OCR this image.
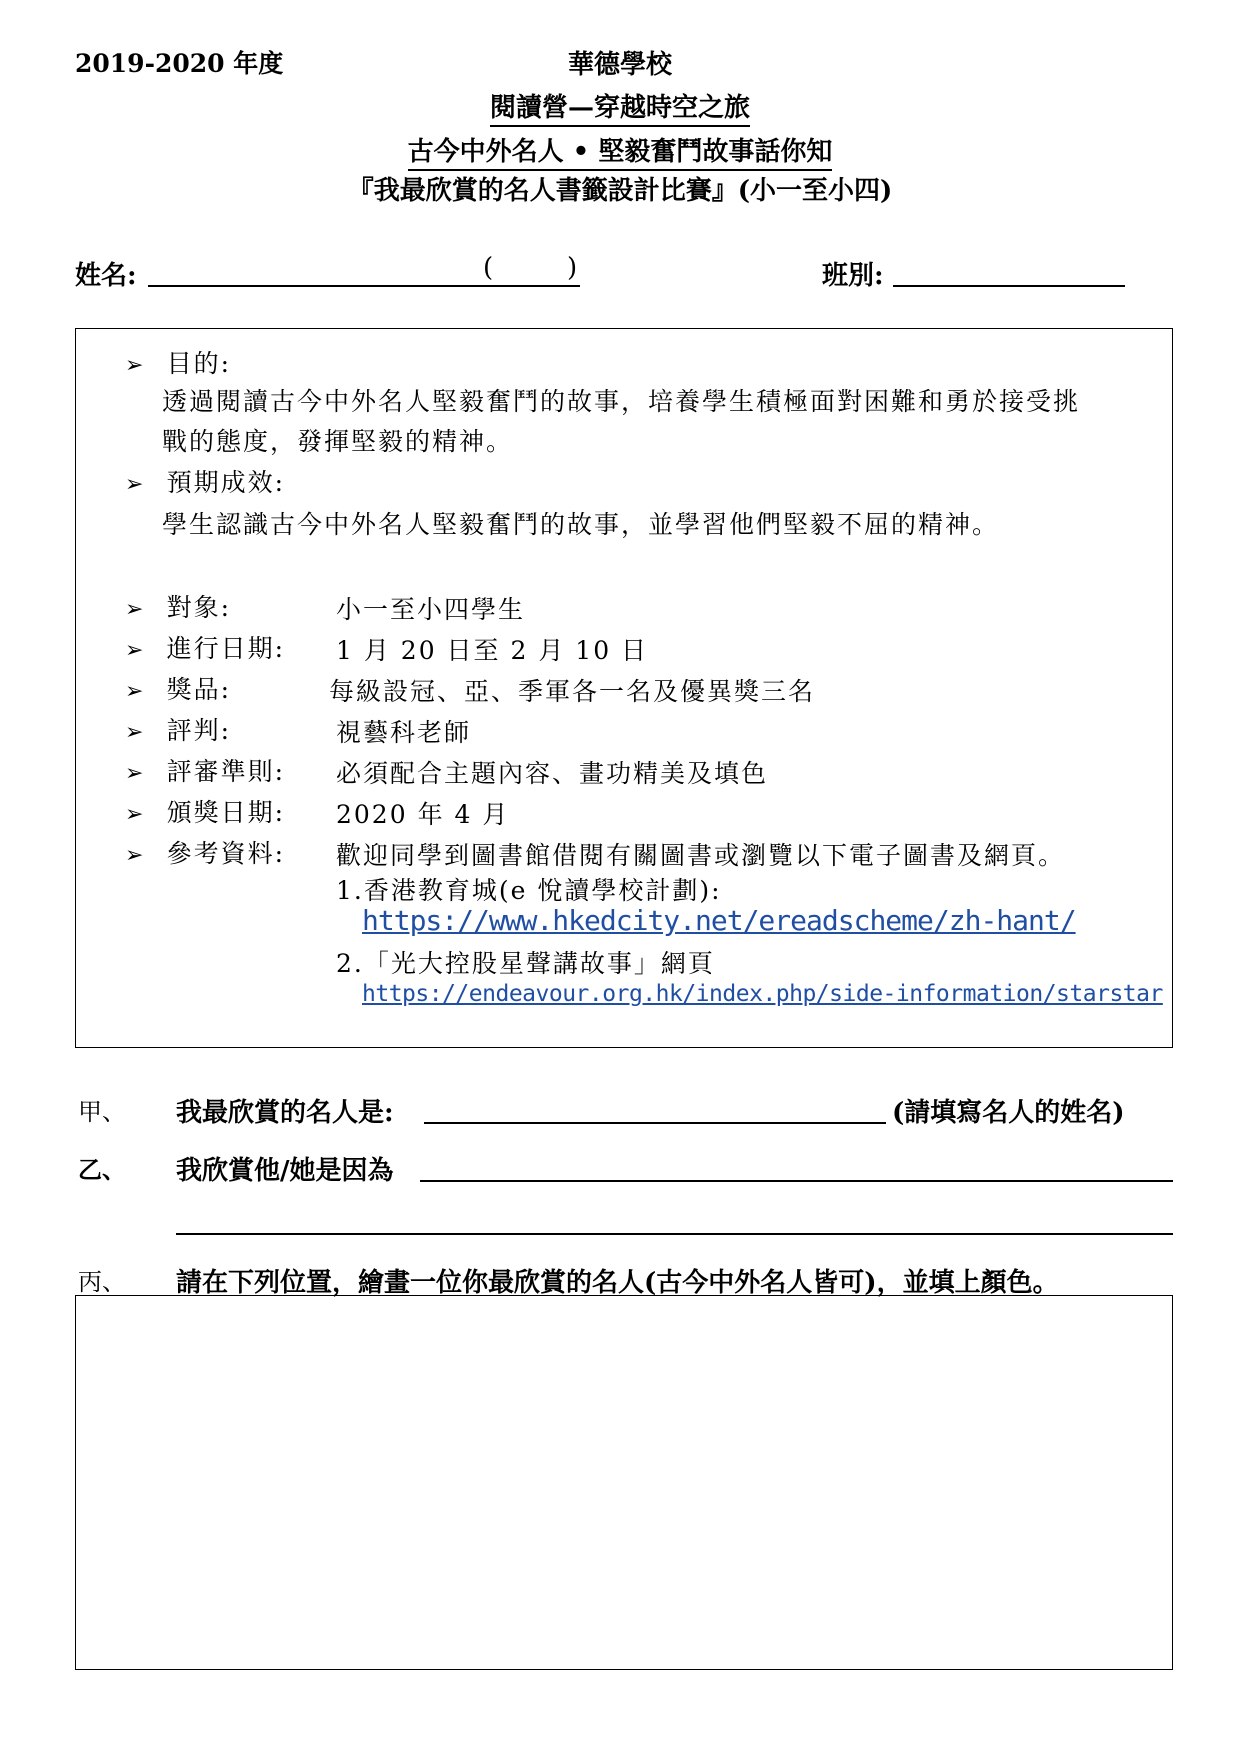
2019-2020 年度	華德學校
閱讀營—穿越時空之旅
古今中外名人 • 堅毅奮鬥故事話你知
『我最欣賞的名人書籤設計比賽』(小一至小四)
姓名:	(	)	班別:
➢ 目的:
透過閱讀古今中外名人堅毅奮鬥的故事，培養學生積極面對困難和勇於接受挑
戰的態度，發揮堅毅的精神。
➢ 預期成效:
學生認識古今中外名人堅毅奮鬥的故事，並學習他們堅毅不屈的精神。
➢ 對象:	小一至小四學生
➢ 進行日期: 1 月 20 日至 2 月 10 日
➢ 獎品:	每級設冠、亞、季軍各一名及優異獎三名
➢ 評判:	視藝科老師
➢ 評審準則: 必須配合主題內容、畫功精美及填色
➢ 頒獎日期: 2020 年 4 月
➢ 參考資料: 歡迎同學到圖書館借閱有關圖書或瀏覽以下電子圖書及網頁。
1.香港教育城(e 悅讀學校計劃):
https://www.hkedcity.net/ereadscheme/zh-hant/
2.「光大控股星聲講故事」網頁
https://endeavour.org.hk/index.php/side-information/starstar
甲、 我最欣賞的名人是:	(請填寫名人的姓名)
乙、 我欣賞他/她是因為
丙、 請在下列位置，繪畫一位你最欣賞的名人(古今中外名人皆可)，並填上顏色。
